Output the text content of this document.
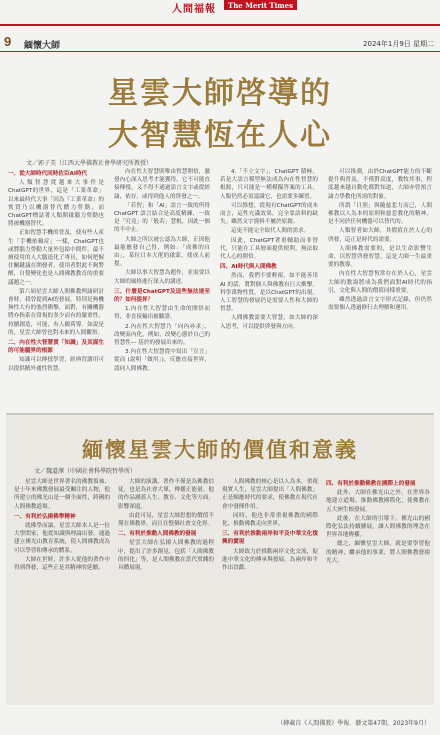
人間福報	The Merit Times
9 緬懷大師	2024年1月9日 星期二
星雲大師啓導的
大智慧恆在人心
文／郭子美（江西大學佛教社會學研究所教授）

一、從大師時代同時佐臣AI時代

人類智慧從越來大事件是ChatGPT的世界，這是「工業革命」以來最時代大事「因為『工業革命』的實質乃以機器替代體力勞動，而ChatGPT標誌著人類開啟腦力勞動也將被機器替代。

正如智慧手機的普及，使有些人產生「手機依賴症」一樣，ChatGPT也或將腦力勞動大量外包給中間件，最不擅使用的人大腦退化了專長，如何把握住關鍵議在開發者，使用者對此不夠警醒，自覺變化也是人間佛教教育的重要議題之一。

第六屆星雲大師人間佛教理論研討會時，我曾提到AI的發展，特別是無機無性大有的強烈衝擊，面對，有關機器將亦指系在常規的多少而有的嚴重性，持續創造，可能，有人願荷導。如說是的，星雲大師曾也對未來的人間觀察。

二、內在性大智慧貫「知識」及其謀生的可能疆界的根源

知識可以傳授學習，經典習讀用可以提供精外通性智慧。

內在性大智慧則唯由智慧開悟，激發內心深入思考才能獲得。它不可能直接傳授，又不得不通過語言文字或從經論，依存，或得到他人的啓發之一。

「若智」和「AI」語言一致的所得ChatGPT 語言結合是高度精練，一致是「究竟」的「般若」慧根，因此一個的不中止。

大師之所以被公認為大師，正因他最能應發自己得，例如：「成佛的自由」，某位日本大佬的啟蒙，使成人前提。

大師以事大智慧為題作，並需要以大師的風格進行深入的講述。

三、什麼是ChatGPT及這些無法達至的？如何提昇？

1.內在性大智慧由生命的開悟而得，非直接輸出被驗證。

2.內在性大智慧乃「向內尋求」，改變而內化，例如，改變心態於自己的智慧性— 基於的發展出來的。

3.內在性大智慧從中寫出「宣言」從而 (說明「做用」)，反應直接世界，認同人間佛教。

4.「不立文字」，ChatGPT 積極，若是大語言模型無法成為內在性智慧的根源，只可能是一種模擬答案的工具，人類仍然必須認識它，也需要多練習。

可以推想，從現有ChatGPT的成本而言，這性充滿效果，完全靠語料的缺失。雖然文字資料不屬於原創。

這更不能完全取代人間的需求。

因此，ChatGPT著重輔助而非替代，只能在工具層面提供便利，無法取代人心的開悟。

四、AI時代與人間佛教

然而，我們不要輕視，如不能善用AI 的話，將對個人與佛教有巨大衝擊。科學萬物性質，是以ChatGPT的出現，人工智慧的發展仍是需要人性和大師的智慧。

人間佛教需要大智慧，如大師的深入思考，可以提供啓發與方向。

可以推測，由於ChatGPT能力的不斷提升與普及，不僅對高度，教牧其事，程度越來越自動化都對知道，大師亦曾預言論力學教化所需的對象。

所謂「日照」與隨慈悲力而已，人間佛教以人為本的原則和慈悲教化的精神，是不同於任何機器可以替代的。

人類智者如大師，其價值在於人心的啓發，這正是時代的需要。

人間佛教需要的，是以生命影響生命，以智慧啓發智慧，這是大師一生最重要的教導。

內在性大智慧恆常存在於人心，星雲大師的教誨將成為我們面對AI時代的指引，文化與人間的價值同樣重要。

雖然透過語言文字形式記錄，但仍然需要個人透過修行去理解和運用。

緬懷星雲大師的價值和意義
文／魏道澤（中國社會科學院哲學所）

星雲大師是世界著名的佛教領袖、是十年來佛教發展最受關注的人物，他所建立的佛光山是一個全面性，跨國的人間佛教道場。

一、有利於弘揚佛學精神

就佛學而論，星雲大師本人是一位大學問家，他從知識與理論出發，通過建立佛光山教育系統，使人間佛教成為可以學習和傳承的體系。

大師在世時，許多人從他的著作中得到啓發，這些正是其精神的延續。

大師的演講、著作不僅是為佛教信徒，也是為社會大眾，傳播正能量。他的作品涵蓋人生、教育、文化等方面，影響深遠。

由此可見，星雲大師思想的價值不僅在佛教界，而且在整個社會文化界。

二、有利於推動人間佛教的發展

星雲大師在弘揚人間佛教的過程中，提出了許多創見，包括「人間佛教的四化」等，是人間佛教在當代實踐的具體展現。

人間佛教的核心是以人為本，重視現實人生，星雲大師提出「人間佛教」正是順應時代的要求，使佛教在現代社會中發揮作用。

同時，他也非常重視佛教的國際化，推動佛教走向世界。

三、有利於推動兩岸和平及中華文化復興的實現

大師致力於推動兩岸文化交流，促進中華文化的傳承與發展，為兩岸和平作出貢獻。

四、有利於推動佛教在國際上的發展

此外，大師在佛光山之外，在世界各地建立道場，推動佛教國際化，使佛教在五大洲生根發展。

此後，在大師的引導下，佛光山的國際化弘法持續擴展，讓人間佛教的理念在世界各地傳播。

總之，緬懷星雲大師，就是要學習他的精神，繼承他的事業，將人間佛教發揚光大。

（轉載自《人間佛教》學報．藝文第47期，2023年9月）
